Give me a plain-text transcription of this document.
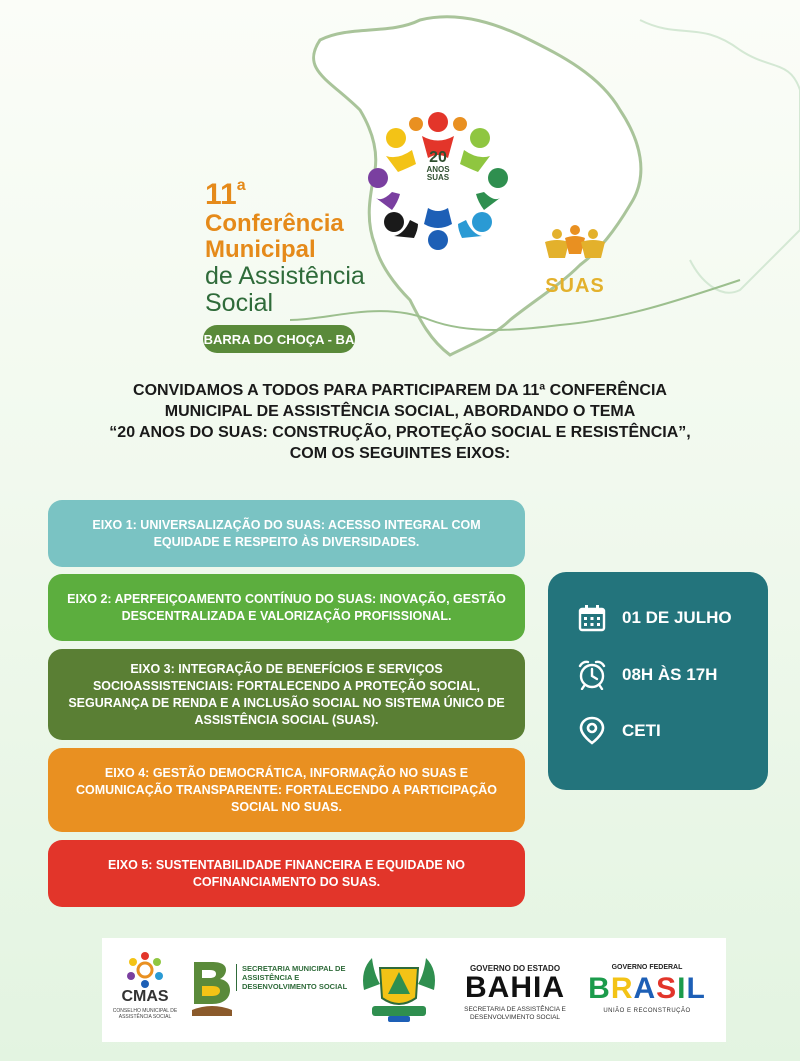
11$^a$
Conferência
Municipal
de Assistência
Social
BARRA DO CHOÇA - BA
20
ANOS
SUAS
SUAS
CONVIDAMOS A TODOS PARA PARTICIPAREM DA 11ª CONFERÊNCIA
MUNICIPAL DE ASSISTÊNCIA SOCIAL, ABORDANDO O TEMA
“20 ANOS DO SUAS: CONSTRUÇÃO, PROTEÇÃO SOCIAL E RESISTÊNCIA”,
COM OS SEGUINTES EIXOS:
EIXO 1: UNIVERSALIZAÇÃO DO SUAS: ACESSO INTEGRAL COM EQUIDADE E RESPEITO ÀS DIVERSIDADES.
EIXO 2: APERFEIÇOAMENTO CONTÍNUO DO SUAS: INOVAÇÃO, GESTÃO DESCENTRALIZADA E VALORIZAÇÃO PROFISSIONAL.
EIXO 3: INTEGRAÇÃO DE BENEFÍCIOS E SERVIÇOS SOCIOASSISTENCIAIS: FORTALECENDO A PROTEÇÃO SOCIAL, SEGURANÇA DE RENDA E A INCLUSÃO SOCIAL NO SISTEMA ÚNICO DE ASSISTÊNCIA SOCIAL (SUAS).
EIXO 4: GESTÃO DEMOCRÁTICA, INFORMAÇÃO NO SUAS E COMUNICAÇÃO TRANSPARENTE: FORTALECENDO A PARTICIPAÇÃO SOCIAL NO SUAS.
EIXO 5: SUSTENTABILIDADE FINANCEIRA E EQUIDADE NO COFINANCIAMENTO DO SUAS.
01 DE JULHO
08H ÀS 17H
CETI
CMAS
CONSELHO MUNICIPAL DE ASSISTÊNCIA SOCIAL
SECRETARIA MUNICIPAL DE ASSISTÊNCIA E DESENVOLVIMENTO SOCIAL
GOVERNO DO ESTADO
BAHIA
SECRETARIA DE ASSISTÊNCIA E DESENVOLVIMENTO SOCIAL
GOVERNO FEDERAL
BRASIL
UNIÃO E RECONSTRUÇÃO
